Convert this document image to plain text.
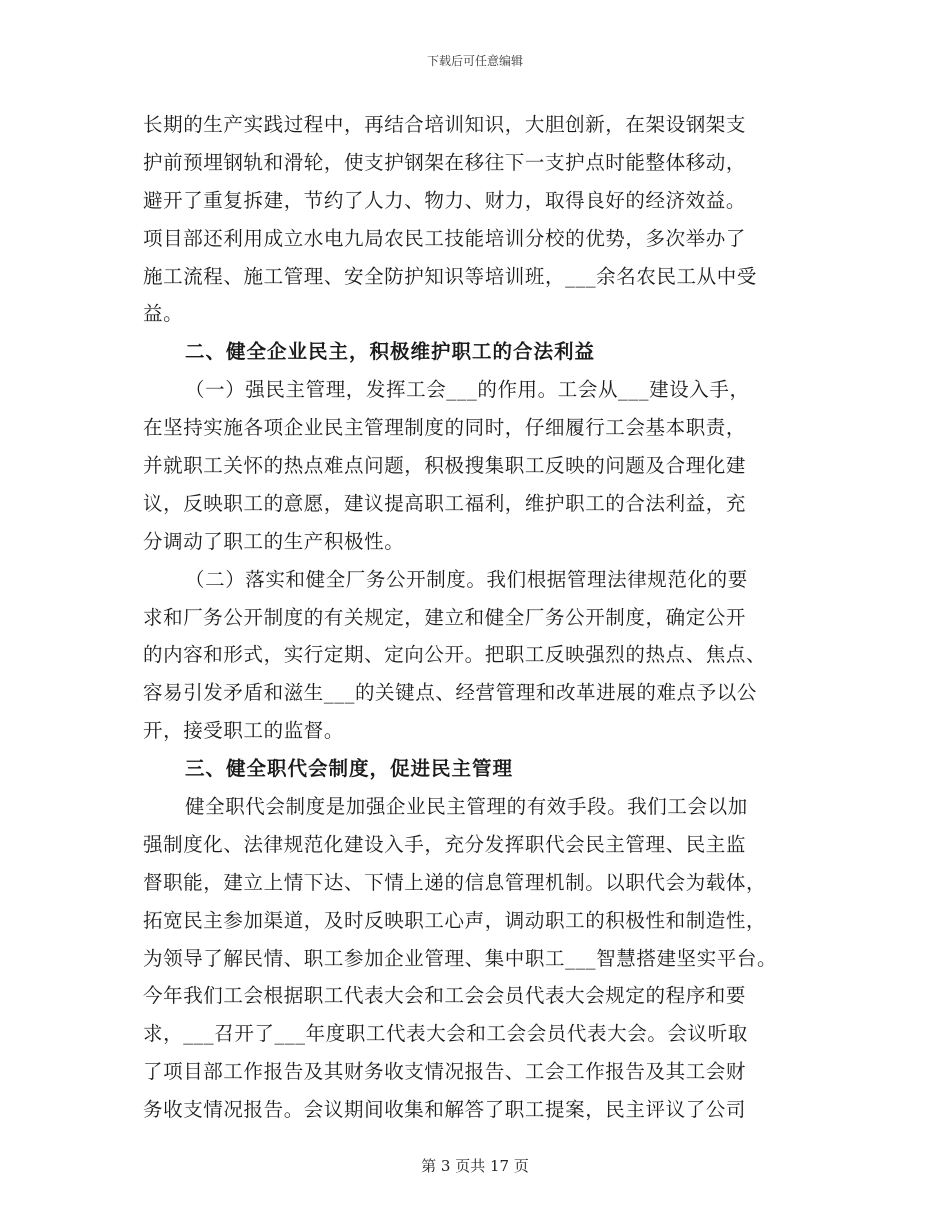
下载后可任意编辑
长期的生产实践过程中，再结合培训知识，大胆创新，在架设钢架支
护前预埋钢轨和滑轮，使支护钢架在移往下一支护点时能整体移动，
避开了重复拆建，节约了人力、物力、财力，取得良好的经济效益。
项目部还利用成立水电九局农民工技能培训分校的优势，多次举办了
施工流程、施工管理、安全防护知识等培训班，___余名农民工从中受
益。
二、健全企业民主，积极维护职工的合法利益
（一）强民主管理，发挥工会___的作用。工会从___建设入手，
在坚持实施各项企业民主管理制度的同时，仔细履行工会基本职责，
并就职工关怀的热点难点问题，积极搜集职工反映的问题及合理化建
议，反映职工的意愿，建议提高职工福利，维护职工的合法利益，充
分调动了职工的生产积极性。
（二）落实和健全厂务公开制度。我们根据管理法律规范化的要
求和厂务公开制度的有关规定，建立和健全厂务公开制度，确定公开
的内容和形式，实行定期、定向公开。把职工反映强烈的热点、焦点、
容易引发矛盾和滋生___的关键点、经营管理和改革进展的难点予以公
开，接受职工的监督。
三、健全职代会制度，促进民主管理
健全职代会制度是加强企业民主管理的有效手段。我们工会以加
强制度化、法律规范化建设入手，充分发挥职代会民主管理、民主监
督职能，建立上情下达、下情上递的信息管理机制。以职代会为载体，
拓宽民主参加渠道，及时反映职工心声，调动职工的积极性和制造性，
为领导了解民情、职工参加企业管理、集中职工___智慧搭建坚实平台。
今年我们工会根据职工代表大会和工会会员代表大会规定的程序和要
求，___召开了___年度职工代表大会和工会会员代表大会。会议听取
了项目部工作报告及其财务收支情况报告、工会工作报告及其工会财
务收支情况报告。会议期间收集和解答了职工提案，民主评议了公司
第 3 页共 17 页
